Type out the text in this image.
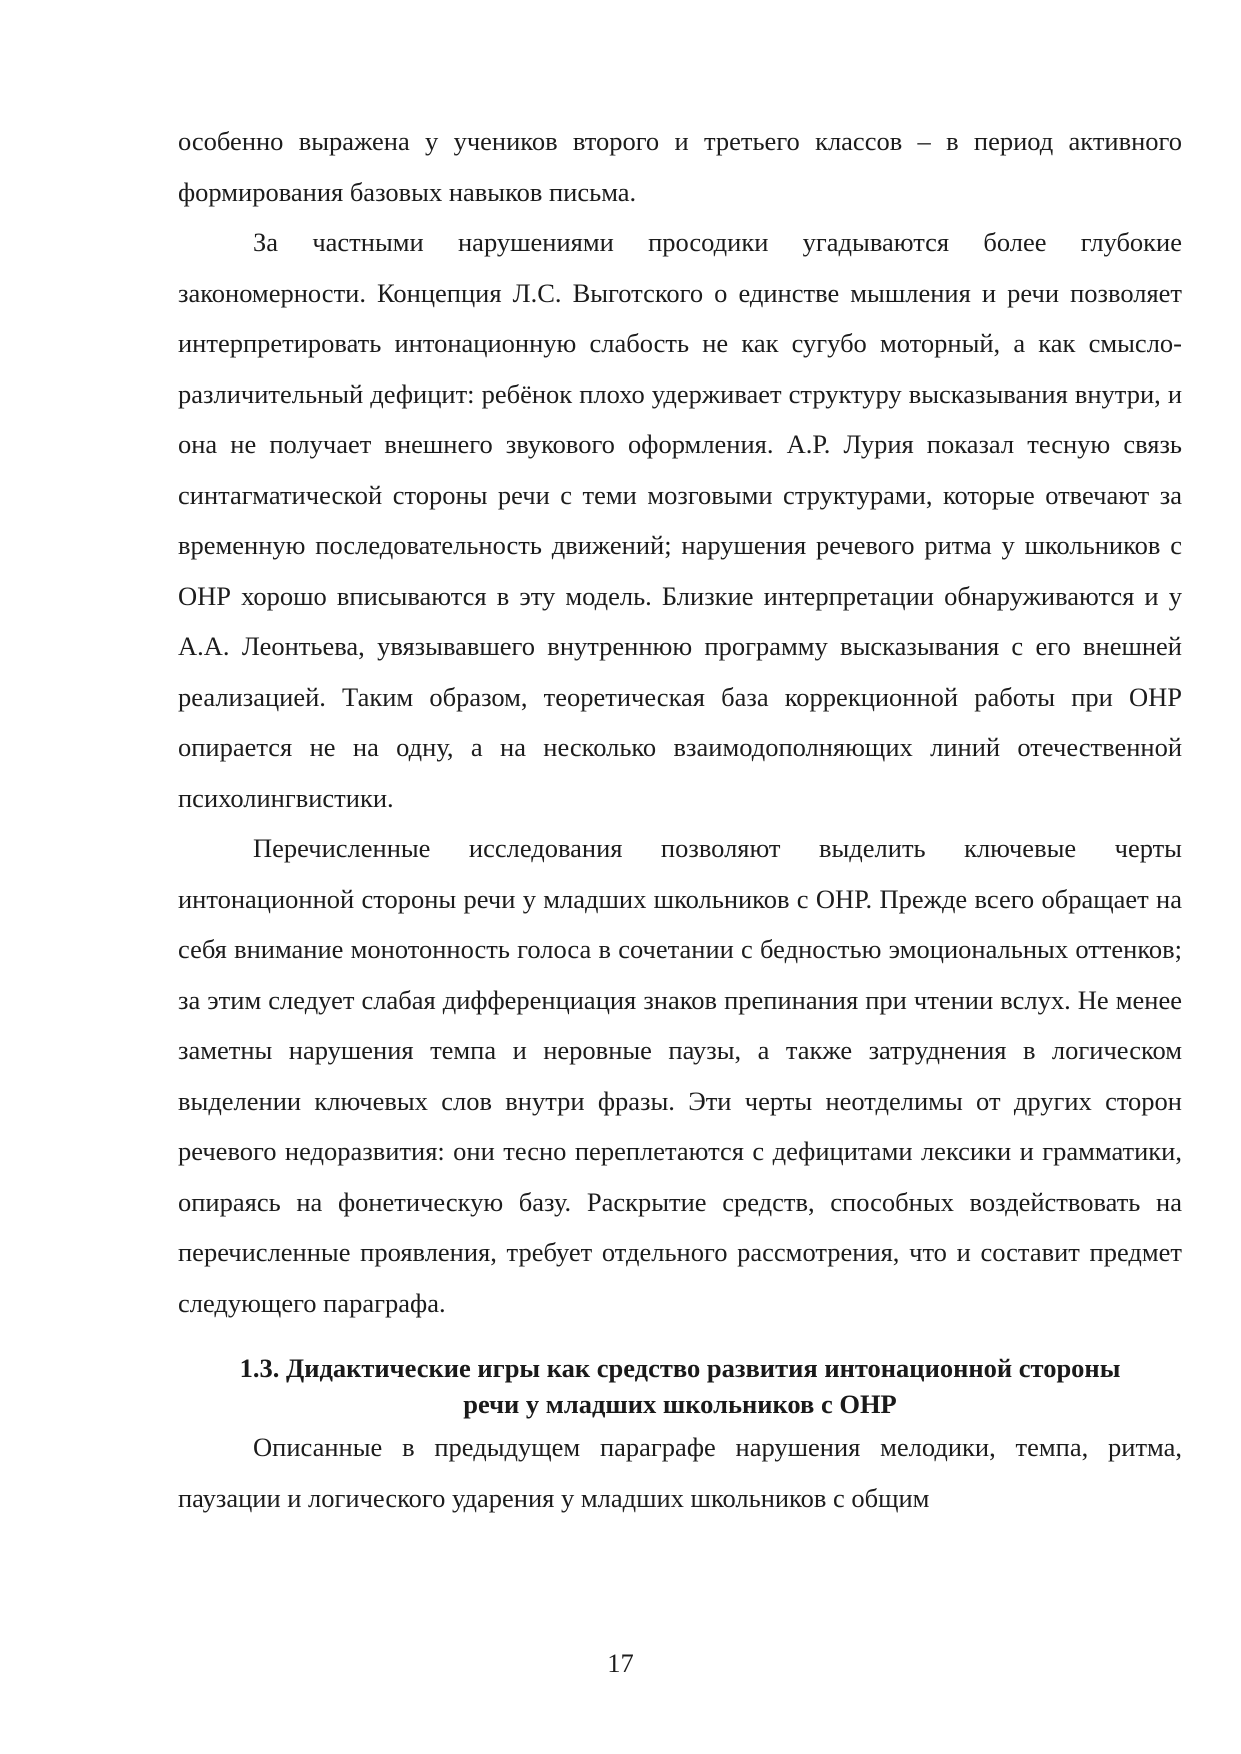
особенно выражена у учеников второго и третьего классов – в период активного формирования базовых навыков письма.

За частными нарушениями просодики угадываются более глубокие закономерности. Концепция Л.С. Выготского о единстве мышления и речи позволяет интерпретировать интонационную слабость не как сугубо моторный, а как смысло-различительный дефицит: ребёнок плохо удерживает структуру высказывания внутри, и она не получает внешнего звукового оформления. А.Р. Лурия показал тесную связь синтагматической стороны речи с теми мозговыми структурами, которые отвечают за временную последовательность движений; нарушения речевого ритма у школьников с ОНР хорошо вписываются в эту модель. Близкие интерпретации обнаруживаются и у А.А. Леонтьева, увязывавшего внутреннюю программу высказывания с его внешней реализацией. Таким образом, теоретическая база коррекционной работы при ОНР опирается не на одну, а на несколько взаимодополняющих линий отечественной психолингвистики.

Перечисленные исследования позволяют выделить ключевые черты интонационной стороны речи у младших школьников с ОНР. Прежде всего обращает на себя внимание монотонность голоса в сочетании с бедностью эмоциональных оттенков; за этим следует слабая дифференциация знаков препинания при чтении вслух. Не менее заметны нарушения темпа и неровные паузы, а также затруднения в логическом выделении ключевых слов внутри фразы. Эти черты неотделимы от других сторон речевого недоразвития: они тесно переплетаются с дефицитами лексики и грамматики, опираясь на фонетическую базу. Раскрытие средств, способных воздействовать на перечисленные проявления, требует отдельного рассмотрения, что и составит предмет следующего параграфа.

1.3. Дидактические игры как средство развития интонационной стороны
речи у младших школьников с ОНР

Описанные в предыдущем параграфе нарушения мелодики, темпа, ритма, паузации и логического ударения у младших школьников с общим

17
